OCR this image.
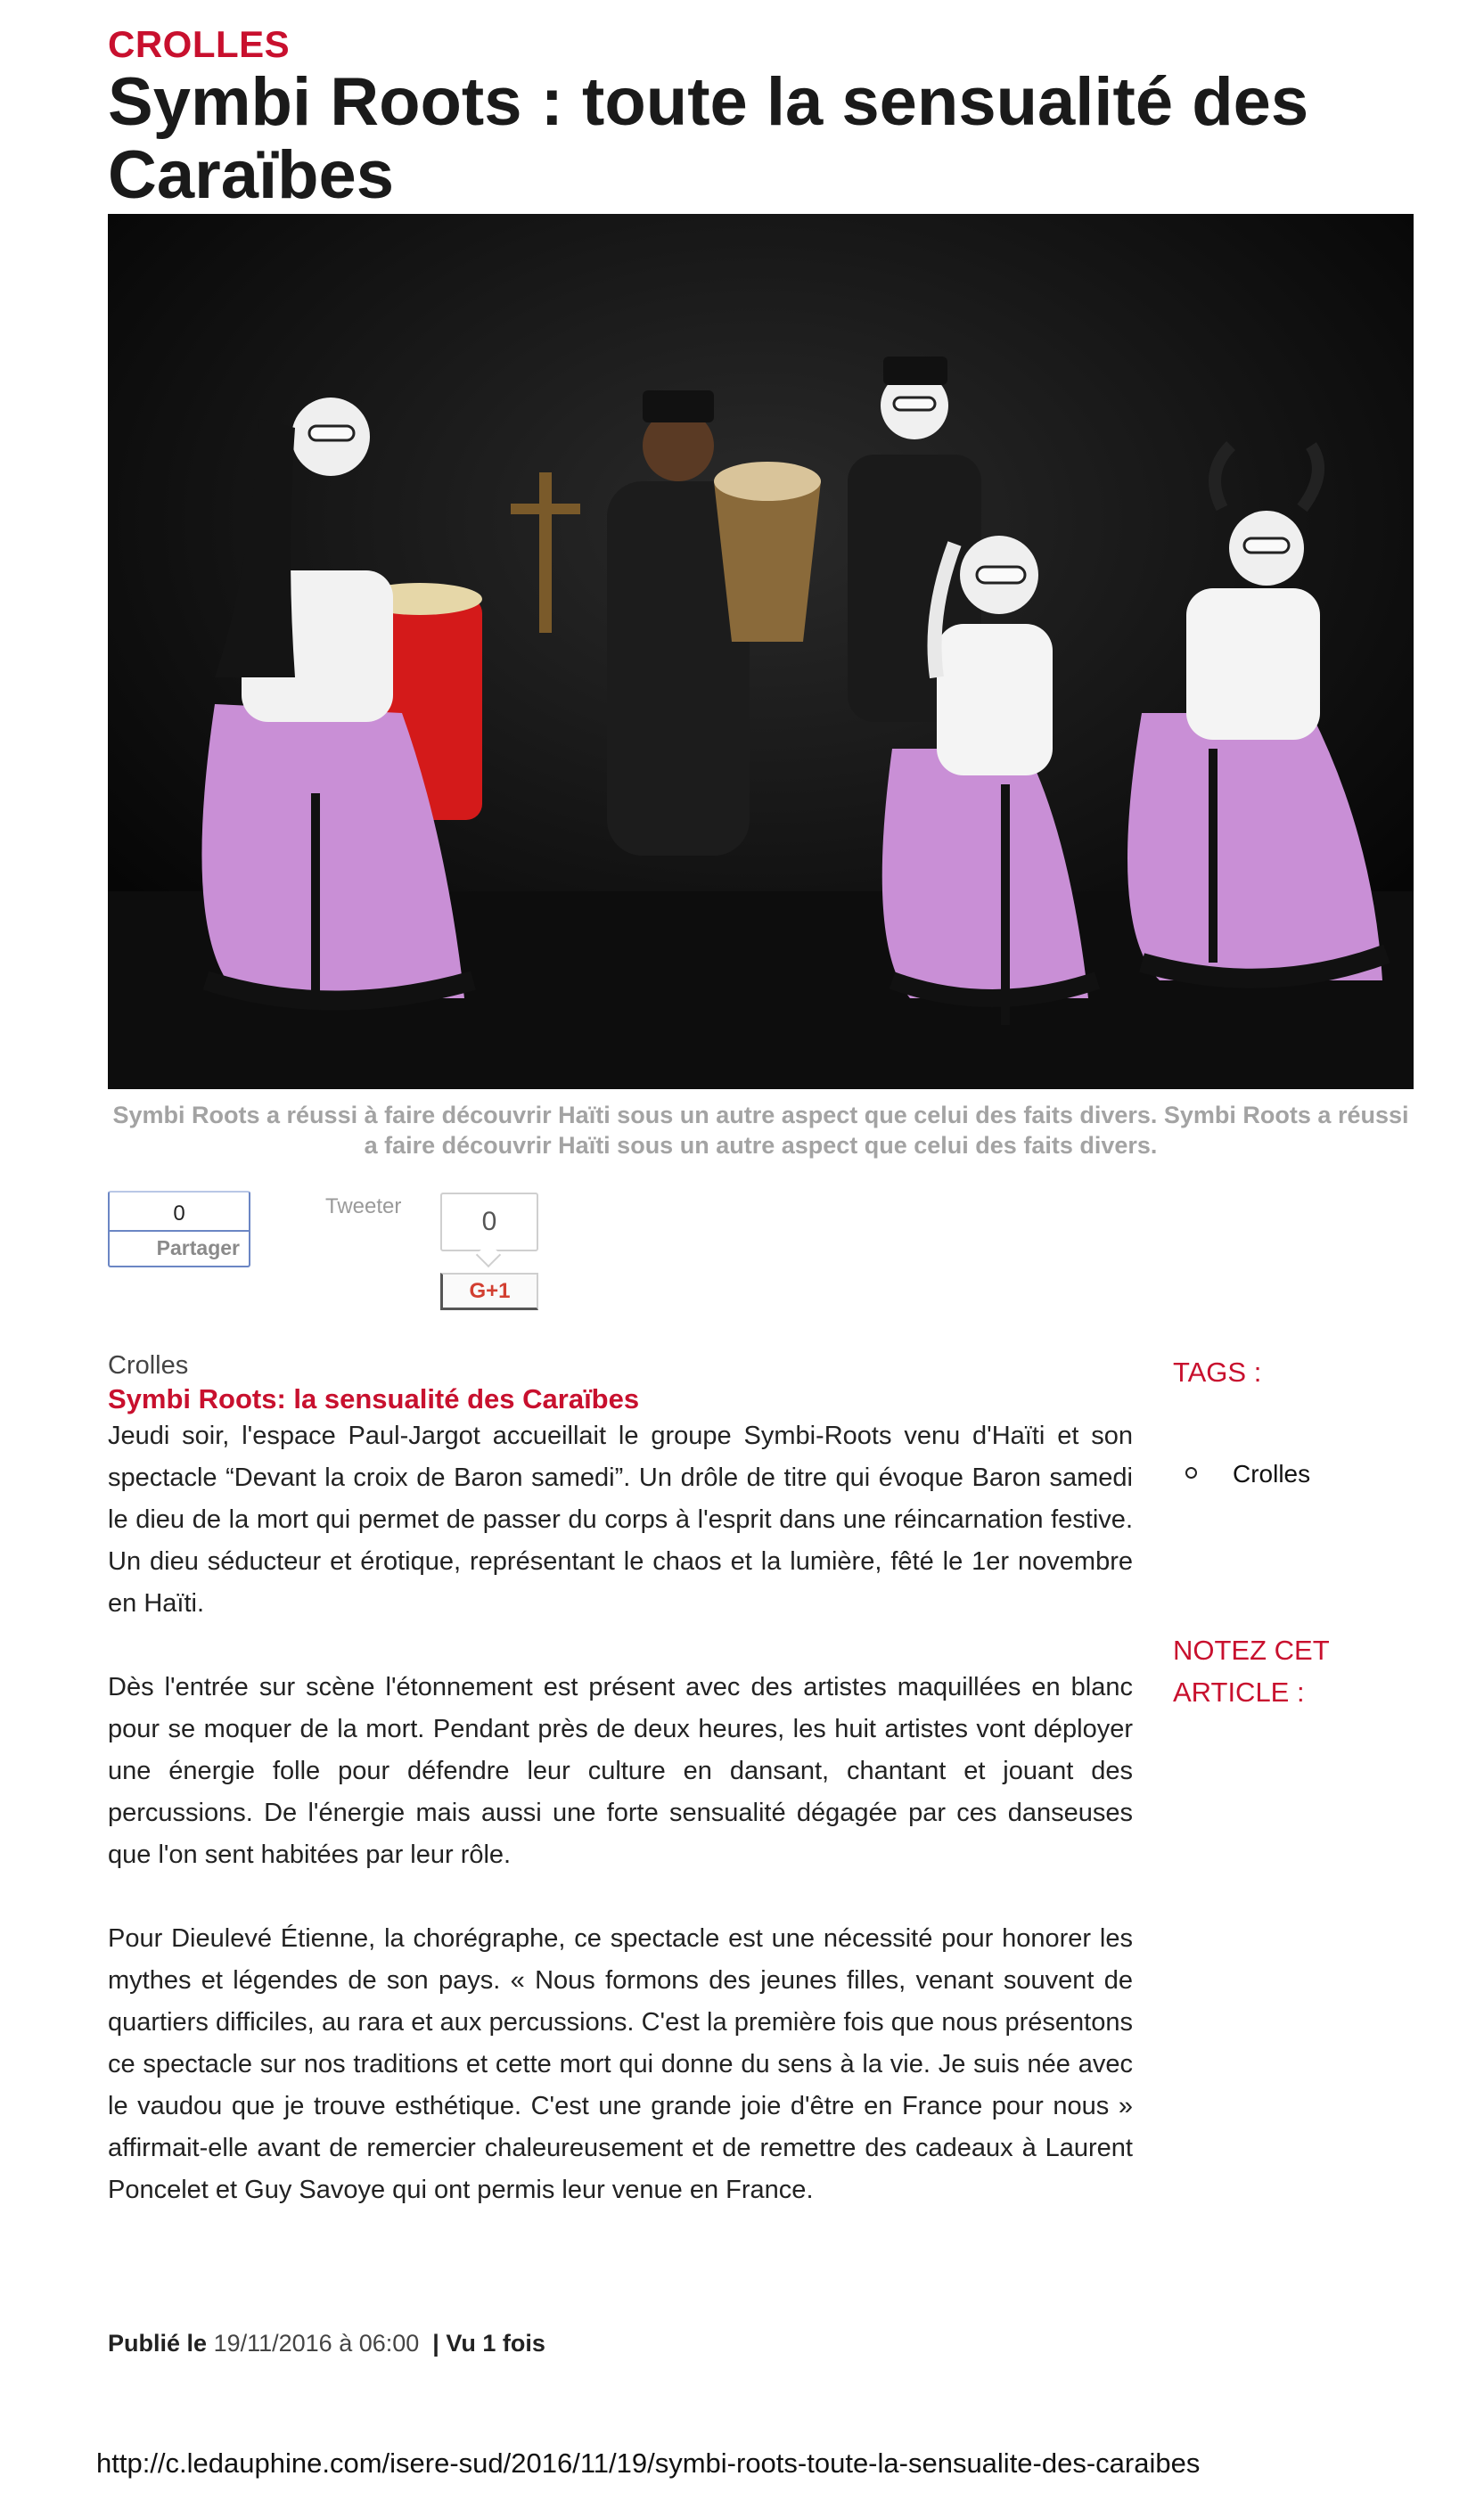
CROLLES
Symbi Roots : toute la sensualité des Caraïbes
Symbi Roots a réussi à faire découvrir Haïti sous un autre aspect que celui des faits divers. Symbi Roots a réussi a faire découvrir Haïti sous un autre aspect que celui des faits divers.
0
Partager
Tweeter
0
G+1
Crolles
Symbi Roots: la sensualité des Caraïbes

Jeudi soir, l'espace Paul-Jargot accueillait le groupe Symbi-Roots venu d'Haïti et son spectacle “Devant la croix de Baron samedi”. Un drôle de titre qui évoque Baron samedi le dieu de la mort qui permet de passer du corps à l'esprit dans une réincarnation festive. Un dieu séducteur et érotique, représentant le chaos et la lumière, fêté le 1er novembre en Haïti.

Dès l'entrée sur scène l'étonnement est présent avec des artistes maquillées en blanc pour se moquer de la mort. Pendant près de deux heures, les huit artistes vont déployer une énergie folle pour défendre leur culture en dansant, chantant et jouant des percussions. De l'énergie mais aussi une forte sensualité dégagée par ces danseuses que l'on sent habitées par leur rôle.

Pour Dieulevé Étienne, la chorégraphe, ce spectacle est une nécessité pour honorer les mythes et légendes de son pays. « Nous formons des jeunes filles, venant souvent de quartiers difficiles, au rara et aux percussions. C'est la première fois que nous présentons ce spectacle sur nos traditions et cette mort qui donne du sens à la vie. Je suis née avec le vaudou que je trouve esthétique. C'est une grande joie d'être en France pour nous » affirmait-elle avant de remercier chaleureusement et de remettre des cadeaux à Laurent Poncelet et Guy Savoye qui ont permis leur venue en France.

Publié le 19/11/2016 à 06:00 | Vu 1 fois
TAGS :
Crolles
NOTEZ CET ARTICLE :
http://c.ledauphine.com/isere-sud/2016/11/19/symbi-roots-toute-la-sensualite-des-caraibes
